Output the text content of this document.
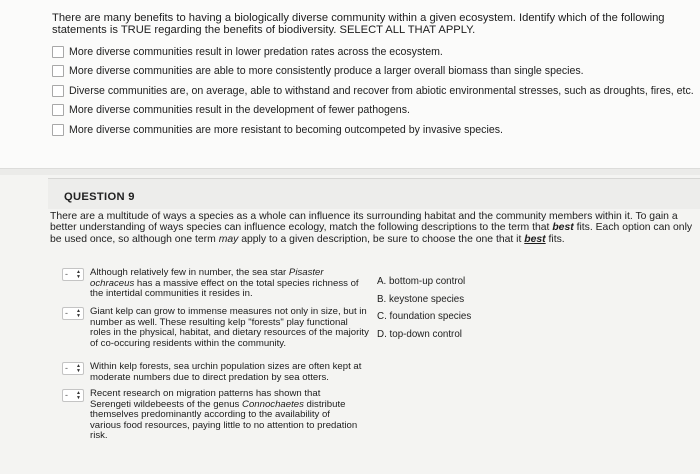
There are many benefits to having a biologically diverse community within a given ecosystem. Identify which of the following statements is TRUE regarding the benefits of biodiversity. SELECT ALL THAT APPLY.

More diverse communities result in lower predation rates across the ecosystem.
More diverse communities are able to more consistently produce a larger overall biomass than single species.
Diverse communities are, on average, able to withstand and recover from abiotic environmental stresses, such as droughts, fires, etc.
More diverse communities result in the development of fewer pathogens.
More diverse communities are more resistant to becoming outcompeted by invasive species.
QUESTION 9

There are a multitude of ways a species as a whole can influence its surrounding habitat and the community members within it. To gain a better understanding of ways species can influence ecology, match the following descriptions to the term that best fits. Each option can only be used once, so although one term may apply to a given description, be sure to choose the one that it best fits.

- ▲
▼ Although relatively few in number, the sea star Pisaster ochraceus has a massive effect on the total species richness of the intertidal communities it resides in.

- ▲
▼ Giant kelp can grow to immense measures not only in size, but in number as well. These resulting kelp "forests" play functional roles in the physical, habitat, and dietary resources of the majority of co-occuring residents within the community.

- ▲
▼ Within kelp forests, sea urchin population sizes are often kept at moderate numbers due to direct predation by sea otters.

- ▲
▼ Recent research on migration patterns has shown that Serengeti wildebeests of the genus Connochaetes distribute themselves predominantly according to the availability of various food resources, paying little to no attention to predation risk.

A. bottom-up control
B. keystone species
C. foundation species
D. top-down control
